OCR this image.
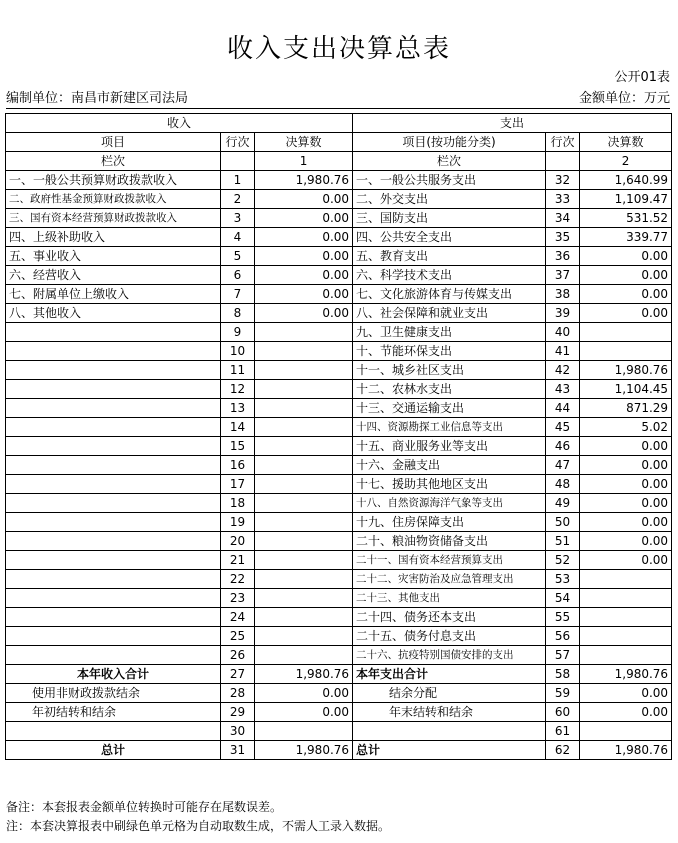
收入支出决算总表
公开01表
编制单位：南昌市新建区司法局	金额单位：万元
收入			支出		
项目	行次	决算数	项目(按功能分类)	行次	决算数
栏次		1	栏次		2
一、一般公共预算财政拨款收入	1	1,980.76	一、一般公共服务支出	32	1,640.99
二、政府性基金预算财政拨款收入	2	0.00	二、外交支出	33	1,109.47
三、国有资本经营预算财政拨款收入	3	0.00	三、国防支出	34	531.52
四、上级补助收入	4	0.00	四、公共安全支出	35	339.77
五、事业收入	5	0.00	五、教育支出	36	0.00
六、经营收入	6	0.00	六、科学技术支出	37	0.00
七、附属单位上缴收入	7	0.00	七、文化旅游体育与传媒支出	38	0.00
八、其他收入	8	0.00	八、社会保障和就业支出	39	0.00
	9		九、卫生健康支出	40	
	10		十、节能环保支出	41	
	11		十一、城乡社区支出	42	1,980.76
	12		十二、农林水支出	43	1,104.45
	13		十三、交通运输支出	44	871.29
	14		十四、资源勘探工业信息等支出	45	5.02
	15		十五、商业服务业等支出	46	0.00
	16		十六、金融支出	47	0.00
	17		十七、援助其他地区支出	48	0.00
	18		十八、自然资源海洋气象等支出	49	0.00
	19		十九、住房保障支出	50	0.00
	20		二十、粮油物资储备支出	51	0.00
	21		二十一、国有资本经营预算支出	52	0.00
	22		二十二、灾害防治及应急管理支出	53	
	23		二十三、其他支出	54	
	24		二十四、债务还本支出	55	
	25		二十五、债务付息支出	56	
	26		二十六、抗疫特别国债安排的支出	57	
本年收入合计	27	1,980.76	本年支出合计	58	1,980.76
使用非财政拨款结余	28	0.00	结余分配	59	0.00
年初结转和结余	29	0.00	年末结转和结余	60	0.00
	30			61	
总计	31	1,980.76	总计	62	1,980.76
备注：本套报表金额单位转换时可能存在尾数误差。
注：本套决算报表中刷绿色单元格为自动取数生成，不需人工录入数据。
